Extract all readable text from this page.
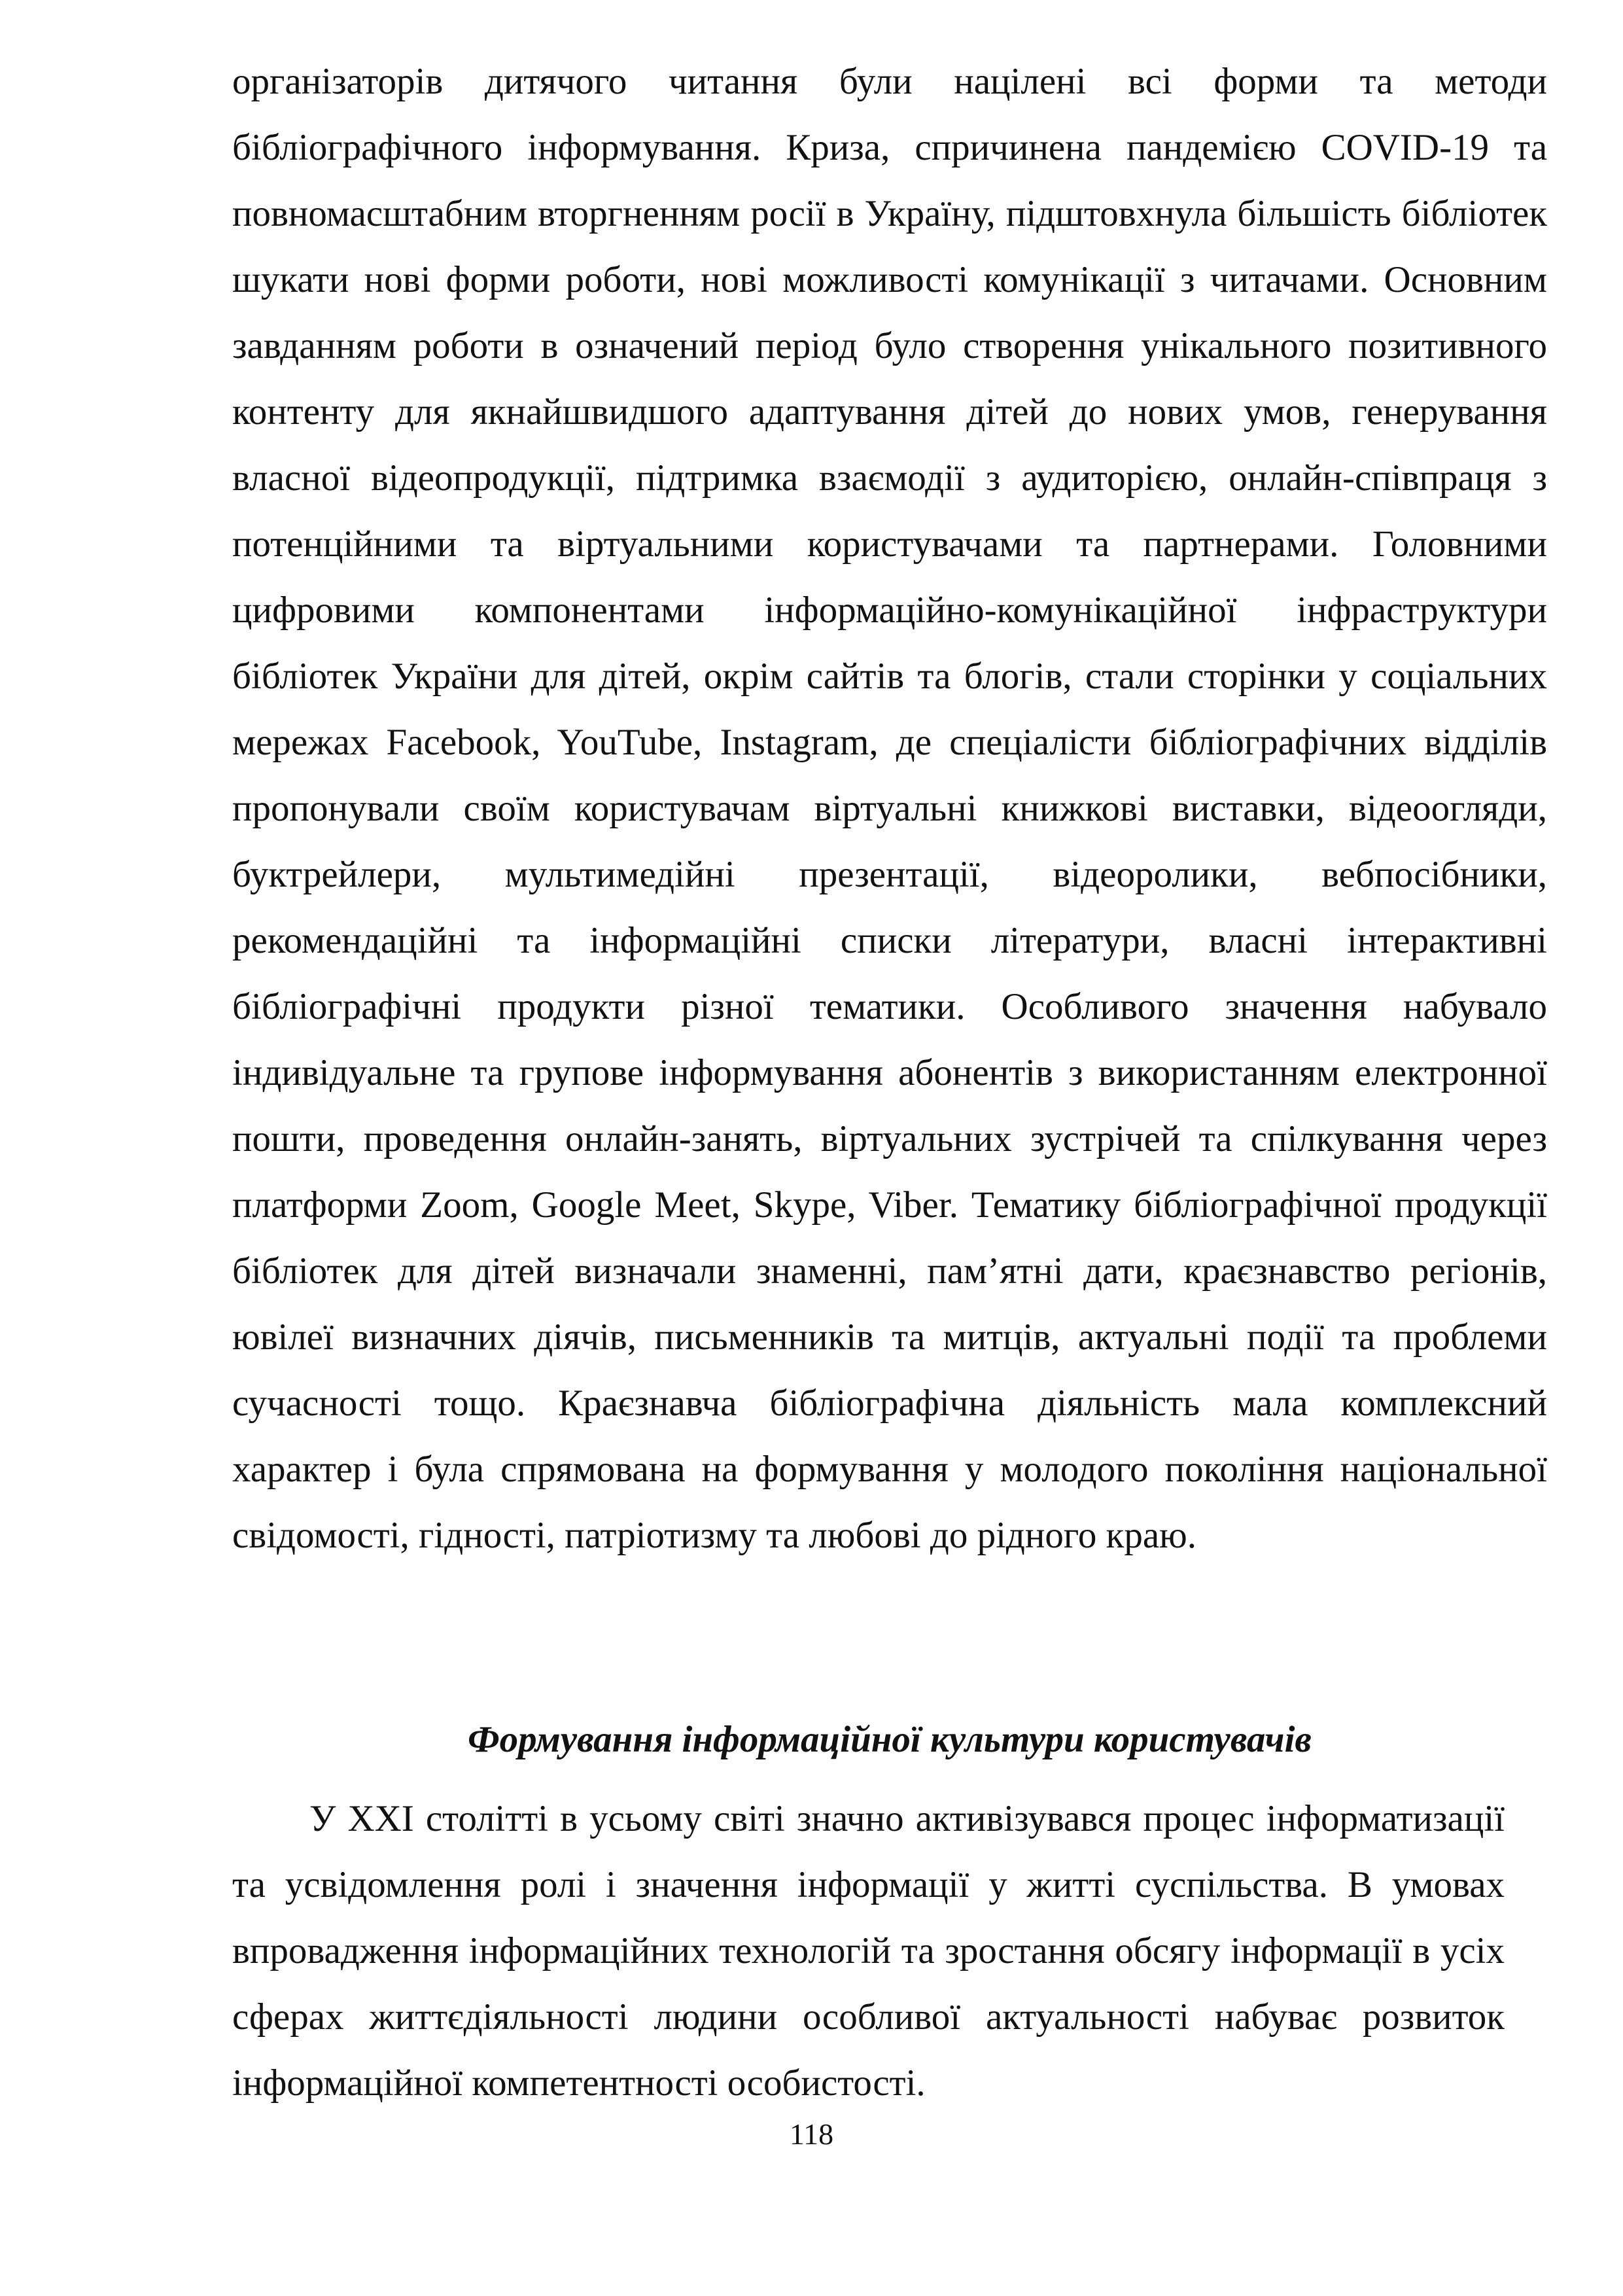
організаторів дитячого читання були націлені всі форми та методи бібліографічного інформування. Криза, спричинена пандемією COVID-19 та повномасштабним вторгненням росії в Україну, підштовхнула більшість бібліотек шукати нові форми роботи, нові можливості комунікації з читачами. Основним завданням роботи в означений період було створення унікального позитивного контенту для якнайшвидшого адаптування дітей до нових умов, генерування власної відеопродукції, підтримка взаємодії з аудиторією, онлайн-співпраця з потенційними та віртуальними користувачами та партнерами. Головними цифровими компонентами інформаційно-комунікаційної інфраструктури бібліотек України для дітей, окрім сайтів та блогів, стали сторінки у соціальних мережах Facebook, YouTube, Instagram, де спеціалісти бібліографічних відділів пропонували своїм користувачам віртуальні книжкові виставки, відеоогляди, буктрейлери, мультимедійні презентації, відеоролики, вебпосібники, рекомендаційні та інформаційні списки літератури, власні інтерактивні бібліографічні продукти різної тематики. Особливого значення набувало індивідуальне та групове інформування абонентів з використанням електронної пошти, проведення онлайн-занять, віртуальних зустрічей та спілкування через платформи Zoom, Google Meet, Skype, Viber. Тематику бібліографічної продукції бібліотек для дітей визначали знаменні, пам’ятні дати, краєзнавство регіонів, ювілеї визначних діячів, письменників та митців, актуальні події та проблеми сучасності тощо. Краєзнавча бібліографічна діяльність мала комплексний характер і була спрямована на формування у молодого покоління національної свідомості, гідності, патріотизму та любові до рідного краю.

Формування інформаційної культури користувачів

У XXI столітті в усьому світі значно активізувався процес інформатизації та усвідомлення ролі і значення інформації у житті суспільства. В умовах впровадження інформаційних технологій та зростання обсягу інформації в усіх сферах життєдіяльності людини особливої актуальності набуває розвиток інформаційної компетентності особистості.

118
